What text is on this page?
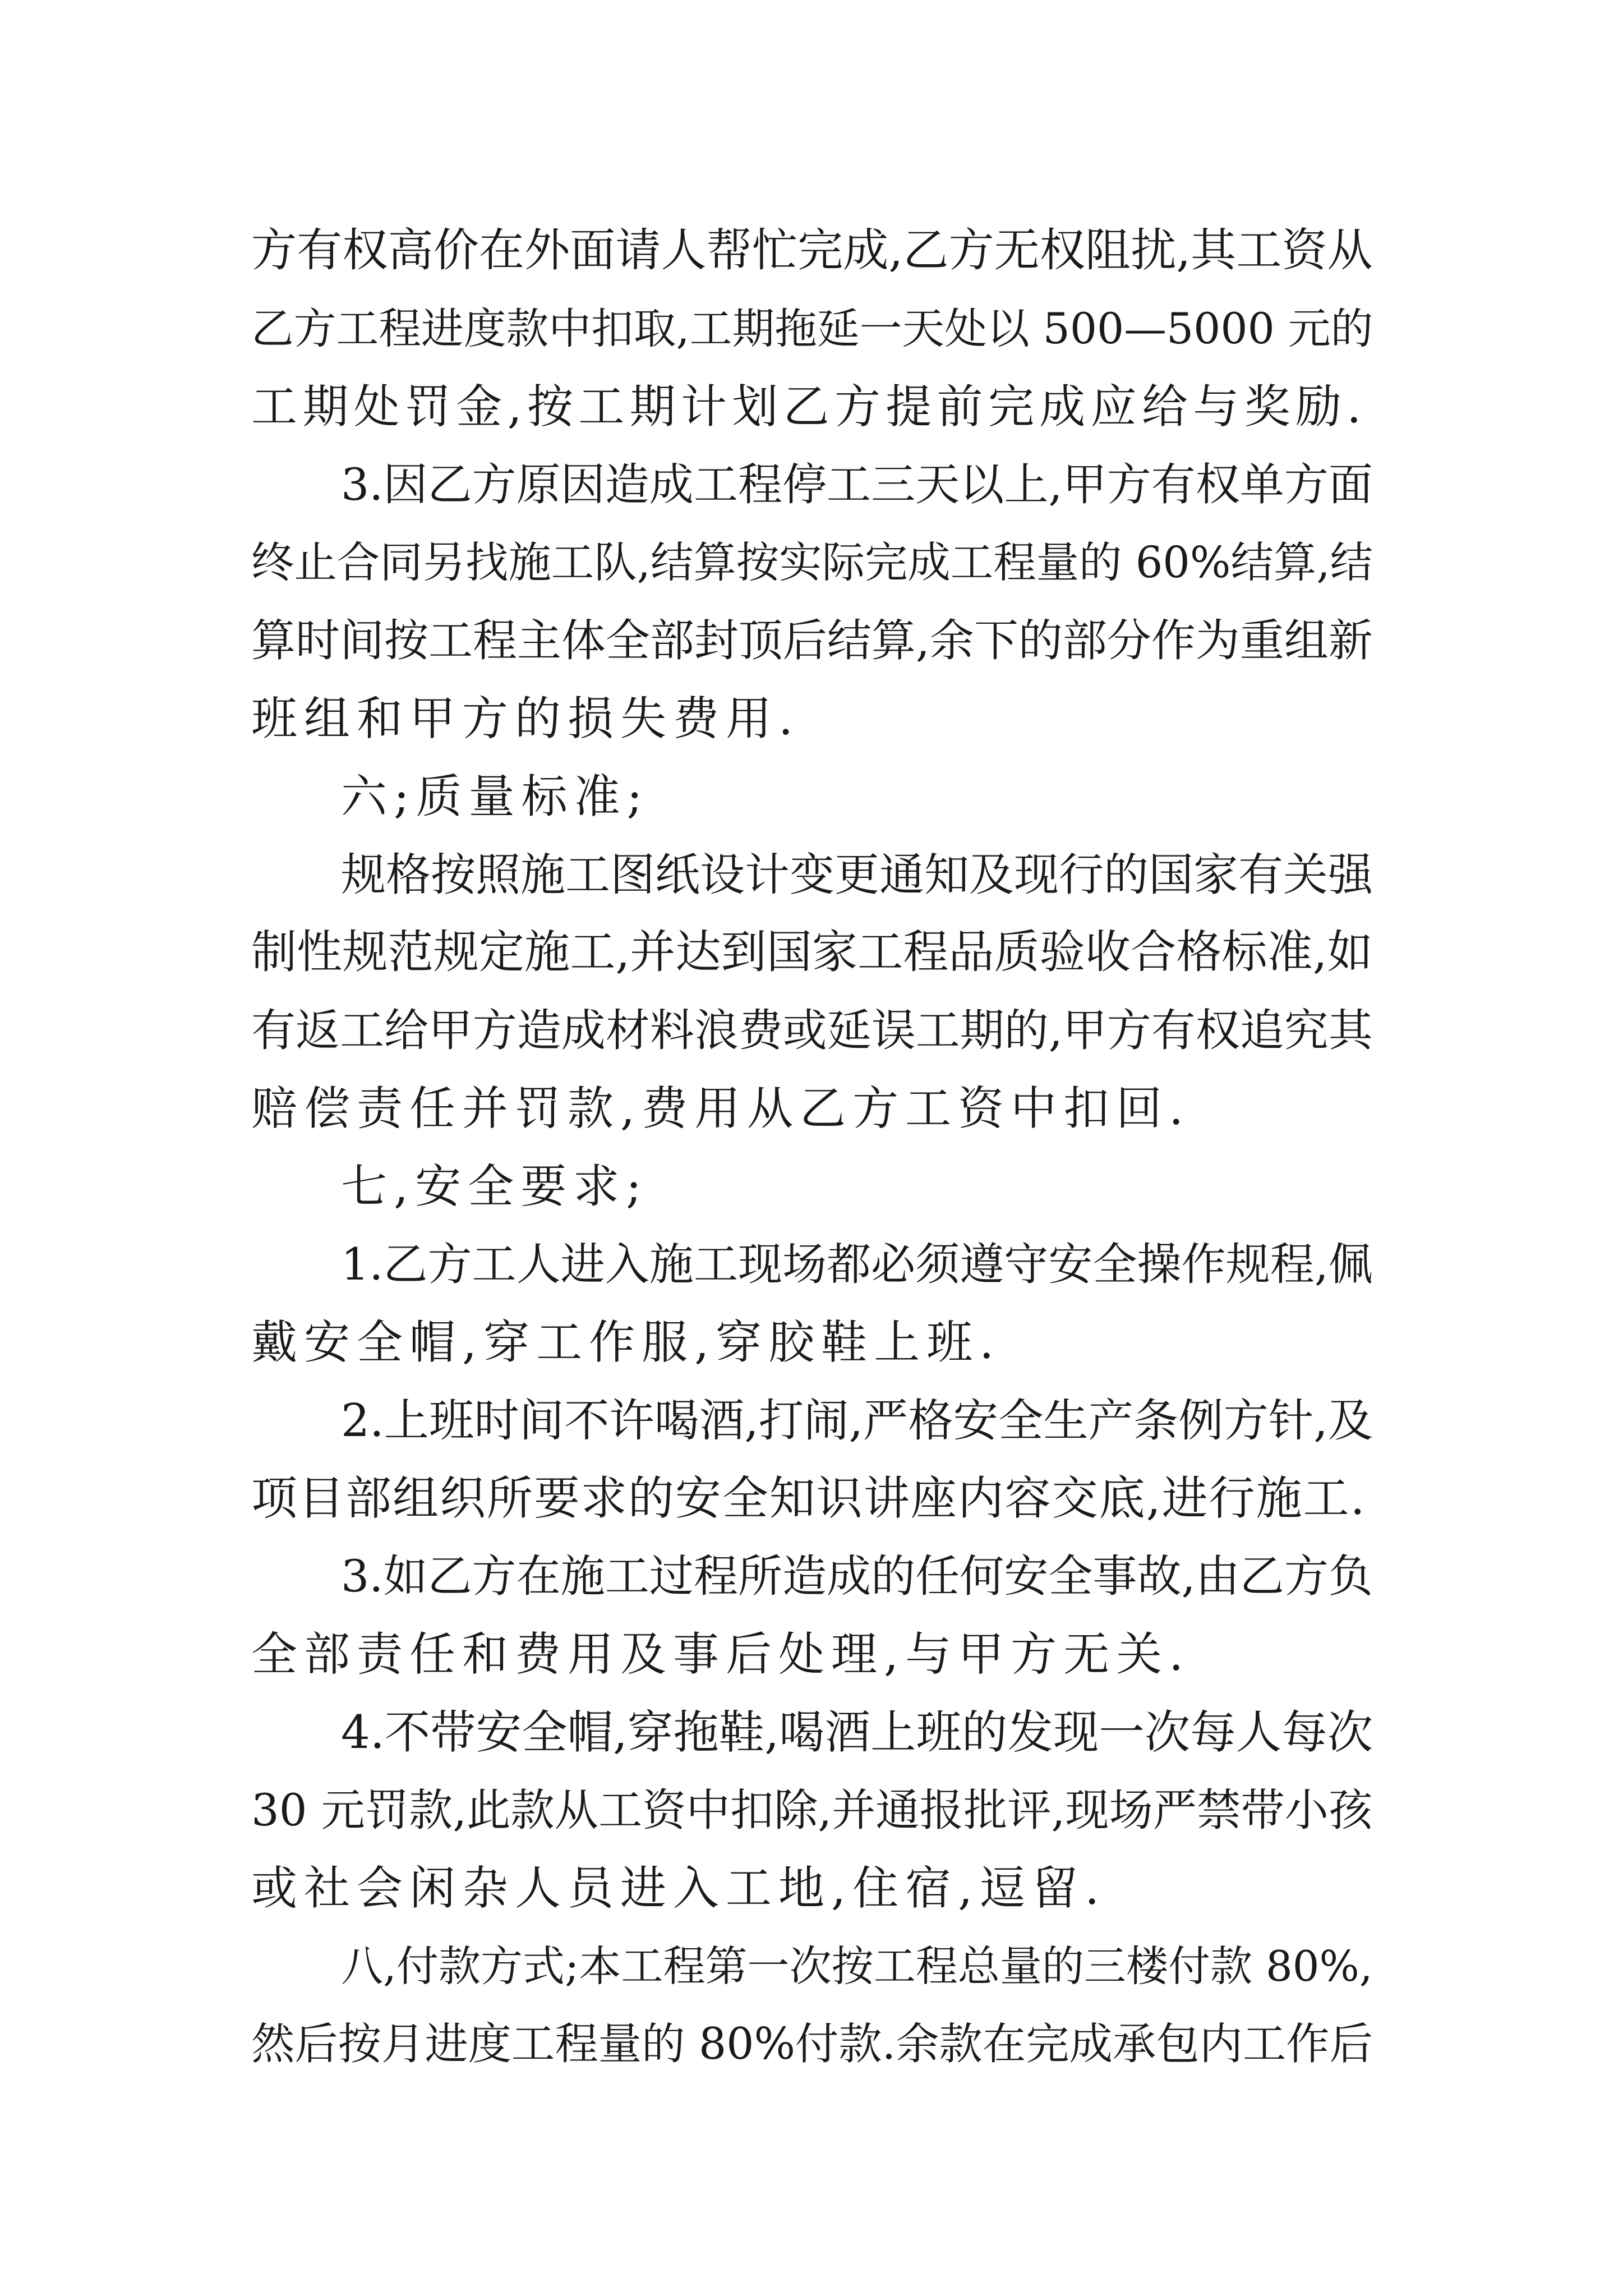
方有权高价在外面请人帮忙完成,乙方无权阻扰,其工资从
乙方工程进度款中扣取,工期拖延一天处以 500—5000 元的
工期处罚金,按工期计划乙方提前完成应给与奖励.
3.因乙方原因造成工程停工三天以上,甲方有权单方面
终止合同另找施工队,结算按实际完成工程量的 60%结算,结
算时间按工程主体全部封顶后结算,余下的部分作为重组新
班组和甲方的损失费用.
六;质量标准;
规格按照施工图纸设计变更通知及现行的国家有关强
制性规范规定施工,并达到国家工程品质验收合格标准,如
有返工给甲方造成材料浪费或延误工期的,甲方有权追究其
赔偿责任并罚款,费用从乙方工资中扣回.
七,安全要求;
1.乙方工人进入施工现场都必须遵守安全操作规程,佩
戴安全帽,穿工作服,穿胶鞋上班.
2.上班时间不许喝酒,打闹,严格安全生产条例方针,及
项目部组织所要求的安全知识讲座内容交底,进行施工.
3.如乙方在施工过程所造成的任何安全事故,由乙方负
全部责任和费用及事后处理,与甲方无关.
4.不带安全帽,穿拖鞋,喝酒上班的发现一次每人每次
30 元罚款,此款从工资中扣除,并通报批评,现场严禁带小孩
或社会闲杂人员进入工地,住宿,逗留.
八,付款方式;本工程第一次按工程总量的三楼付款 80%,
然后按月进度工程量的 80%付款.余款在完成承包内工作后
